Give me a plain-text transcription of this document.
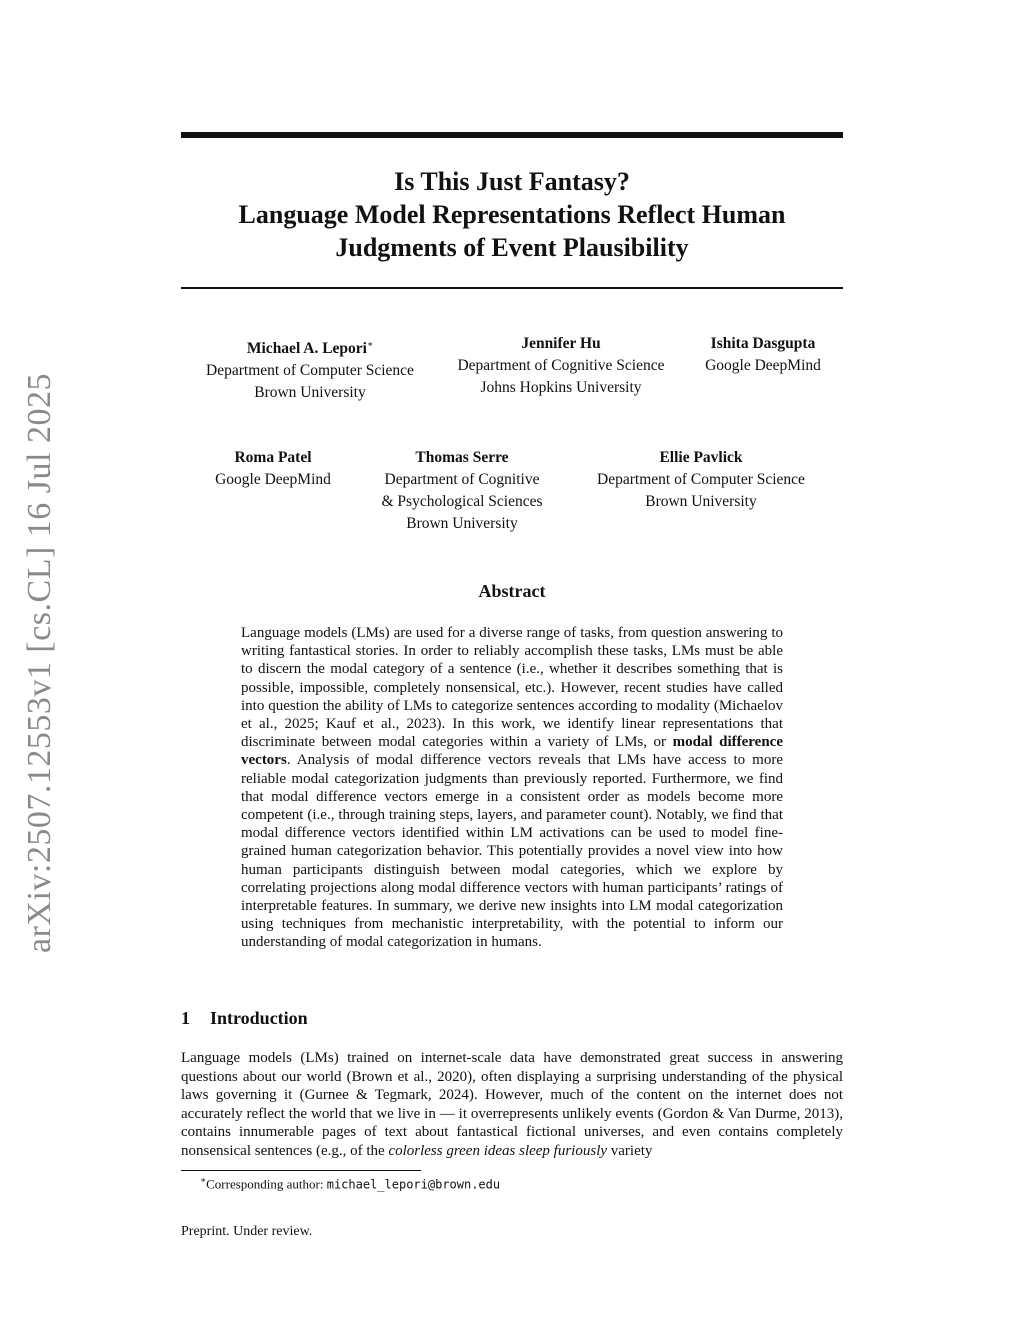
arXiv:2507.12553v1 [cs.CL] 16 Jul 2025
Is This Just Fantasy?
Language Model Representations Reflect Human
Judgments of Event Plausibility
Michael A. Lepori∗
Department of Computer Science
Brown University
Jennifer Hu
Department of Cognitive Science
Johns Hopkins University
Ishita Dasgupta
Google DeepMind
Roma Patel
Google DeepMind
Thomas Serre
Department of Cognitive
& Psychological Sciences
Brown University
Ellie Pavlick
Department of Computer Science
Brown University
Abstract

Language models (LMs) are used for a diverse range of tasks, from question answering to writing fantastical stories. In order to reliably accomplish these tasks, LMs must be able to discern the modal category of a sentence (i.e., whether it describes something that is possible, impossible, completely nonsensical, etc.). However, recent studies have called into question the ability of LMs to categorize sentences according to modality (Michaelov et al., 2025; Kauf et al., 2023). In this work, we identify linear representations that discriminate between modal categories within a variety of LMs, or modal difference vectors. Analysis of modal difference vectors reveals that LMs have access to more reliable modal categorization judgments than previously reported. Furthermore, we find that modal difference vectors emerge in a consistent order as models become more competent (i.e., through training steps, layers, and parameter count). Notably, we find that modal difference vectors identified within LM activations can be used to model fine-grained human categorization behavior. This potentially provides a novel view into how human participants distinguish between modal categories, which we explore by correlating projections along modal difference vectors with human participants’ ratings of interpretable features. In summary, we derive new insights into LM modal categorization using techniques from mechanistic interpretability, with the potential to inform our understanding of modal categorization in humans.

1 Introduction

Language models (LMs) trained on internet-scale data have demonstrated great success in answering questions about our world (Brown et al., 2020), often displaying a surprising understanding of the physical laws governing it (Gurnee & Tegmark, 2024). However, much of the content on the internet does not accurately reflect the world that we live in — it overrepresents unlikely events (Gordon & Van Durme, 2013), contains innumerable pages of text about fantastical fictional universes, and even contains completely nonsensical sentences (e.g., of the colorless green ideas sleep furiously variety

∗Corresponding author: michael_lepori@brown.edu

Preprint. Under review.
